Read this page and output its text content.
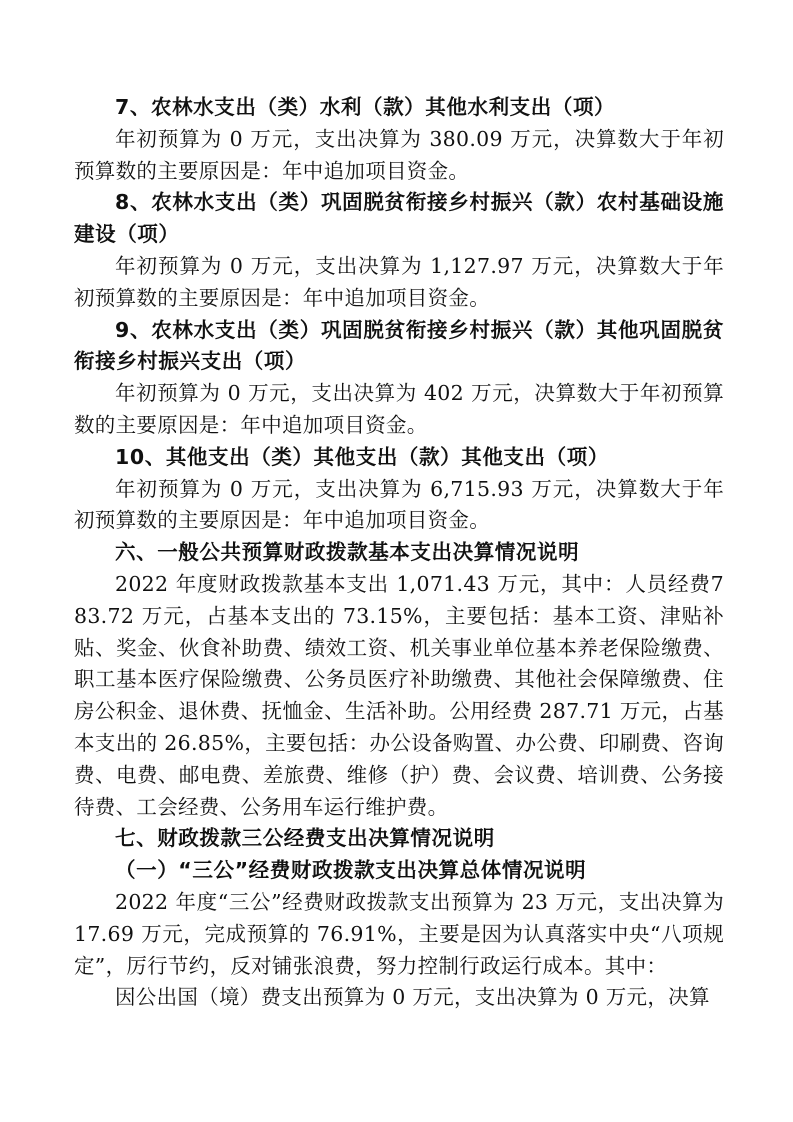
7、农林水支出（类）水利（款）其他水利支出（项）

年初预算为 0 万元，支出决算为 380.09 万元，决算数大于年初预算数的主要原因是：年中追加项目资金。

8、农林水支出（类）巩固脱贫衔接乡村振兴（款）农村基础设施建设（项）

年初预算为 0 万元，支出决算为 1,127.97 万元，决算数大于年初预算数的主要原因是：年中追加项目资金。

9、农林水支出（类）巩固脱贫衔接乡村振兴（款）其他巩固脱贫衔接乡村振兴支出（项）

年初预算为 0 万元，支出决算为 402 万元，决算数大于年初预算数的主要原因是：年中追加项目资金。

10、其他支出（类）其他支出（款）其他支出（项）

年初预算为 0 万元，支出决算为 6,715.93 万元，决算数大于年初预算数的主要原因是：年中追加项目资金。

六、一般公共预算财政拨款基本支出决算情况说明

2022 年度财政拨款基本支出 1,071.43 万元，其中：人员经费783.72 万元，占基本支出的 73.15%，主要包括：基本工资、津贴补贴、奖金、伙食补助费、绩效工资、机关事业单位基本养老保险缴费、职工基本医疗保险缴费、公务员医疗补助缴费、其他社会保障缴费、住房公积金、退休费、抚恤金、生活补助。公用经费 287.71 万元，占基本支出的 26.85%，主要包括：办公设备购置、办公费、印刷费、咨询费、电费、邮电费、差旅费、维修（护）费、会议费、培训费、公务接待费、工会经费、公务用车运行维护费。

七、财政拨款三公经费支出决算情况说明

（一）“三公”经费财政拨款支出决算总体情况说明

2022 年度“三公”经费财政拨款支出预算为 23 万元，支出决算为 17.69 万元，完成预算的 76.91%，主要是因为认真落实中央“八项规定”，厉行节约，反对铺张浪费，努力控制行政运行成本。其中：

因公出国（境）费支出预算为 0 万元，支出决算为 0 万元，决算
